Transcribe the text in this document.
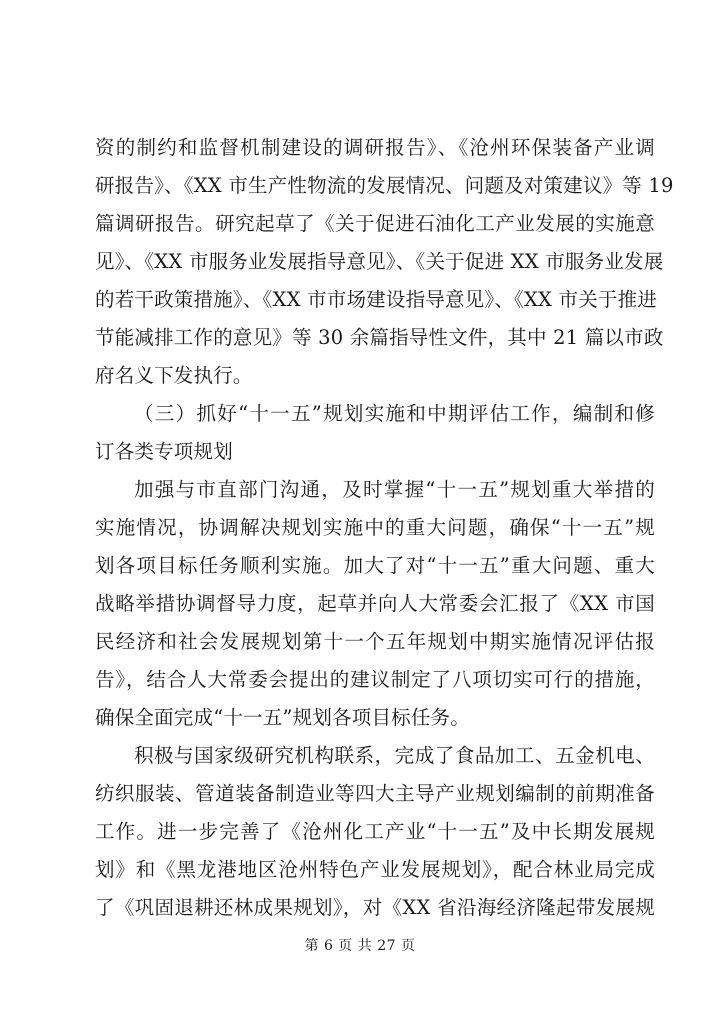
资的制约和监督机制建设的调研报告》、《沧州环保装备产业调
研报告》、《XX 市生产性物流的发展情况、问题及对策建议》等 19
篇调研报告。研究起草了《关于促进石油化工产业发展的实施意
见》、《XX 市服务业发展指导意见》、《关于促进 XX 市服务业发展
的若干政策措施》、《XX 市市场建设指导意见》、《XX 市关于推进
节能减排工作的意见》等 30 余篇指导性文件，其中 21 篇以市政
府名义下发执行。
（三）抓好“十一五”规划实施和中期评估工作，编制和修
订各类专项规划
加强与市直部门沟通，及时掌握“十一五”规划重大举措的
实施情况，协调解决规划实施中的重大问题，确保“十一五”规
划各项目标任务顺利实施。加大了对“十一五”重大问题、重大
战略举措协调督导力度，起草并向人大常委会汇报了《XX 市国
民经济和社会发展规划第十一个五年规划中期实施情况评估报
告》，结合人大常委会提出的建议制定了八项切实可行的措施，
确保全面完成“十一五”规划各项目标任务。
积极与国家级研究机构联系，完成了食品加工、五金机电、
纺织服装、管道装备制造业等四大主导产业规划编制的前期准备
工作。进一步完善了《沧州化工产业“十一五”及中长期发展规
划》和《黑龙港地区沧州特色产业发展规划》，配合林业局完成
了《巩固退耕还林成果规划》，对《XX 省沿海经济隆起带发展规
第 6 页 共 27 页
